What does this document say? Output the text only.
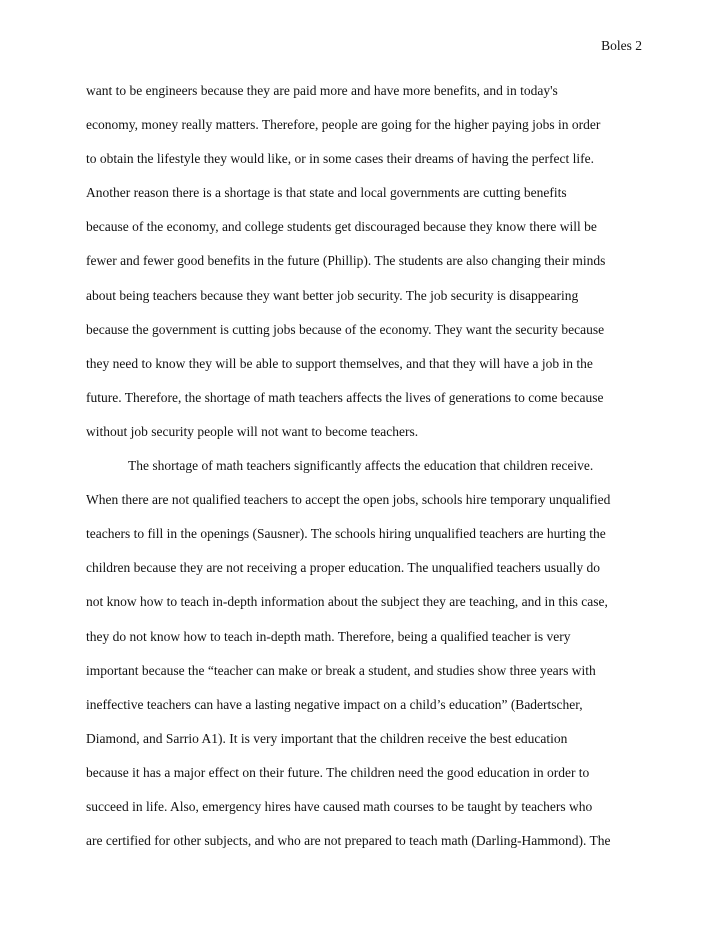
Boles 2
want to be engineers because they are paid more and have more benefits, and in today's
economy, money really matters. Therefore, people are going for the higher paying jobs in order
to obtain the lifestyle they would like, or in some cases their dreams of having the perfect life.
Another reason there is a shortage is that state and local governments are cutting benefits
because of the economy, and college students get discouraged because they know there will be
fewer and fewer good benefits in the future (Phillip). The students are also changing their minds
about being teachers because they want better job security. The job security is disappearing
because the government is cutting jobs because of the economy. They want the security because
they need to know they will be able to support themselves, and that they will have a job in the
future. Therefore, the shortage of math teachers affects the lives of generations to come because
without job security people will not want to become teachers.
The shortage of math teachers significantly affects the education that children receive.
When there are not qualified teachers to accept the open jobs, schools hire temporary unqualified
teachers to fill in the openings (Sausner). The schools hiring unqualified teachers are hurting the
children because they are not receiving a proper education. The unqualified teachers usually do
not know how to teach in-depth information about the subject they are teaching, and in this case,
they do not know how to teach in-depth math. Therefore, being a qualified teacher is very
important because the “teacher can make or break a student, and studies show three years with
ineffective teachers can have a lasting negative impact on a child’s education” (Badertscher,
Diamond, and Sarrio A1). It is very important that the children receive the best education
because it has a major effect on their future. The children need the good education in order to
succeed in life. Also, emergency hires have caused math courses to be taught by teachers who
are certified for other subjects, and who are not prepared to teach math (Darling-Hammond). The
